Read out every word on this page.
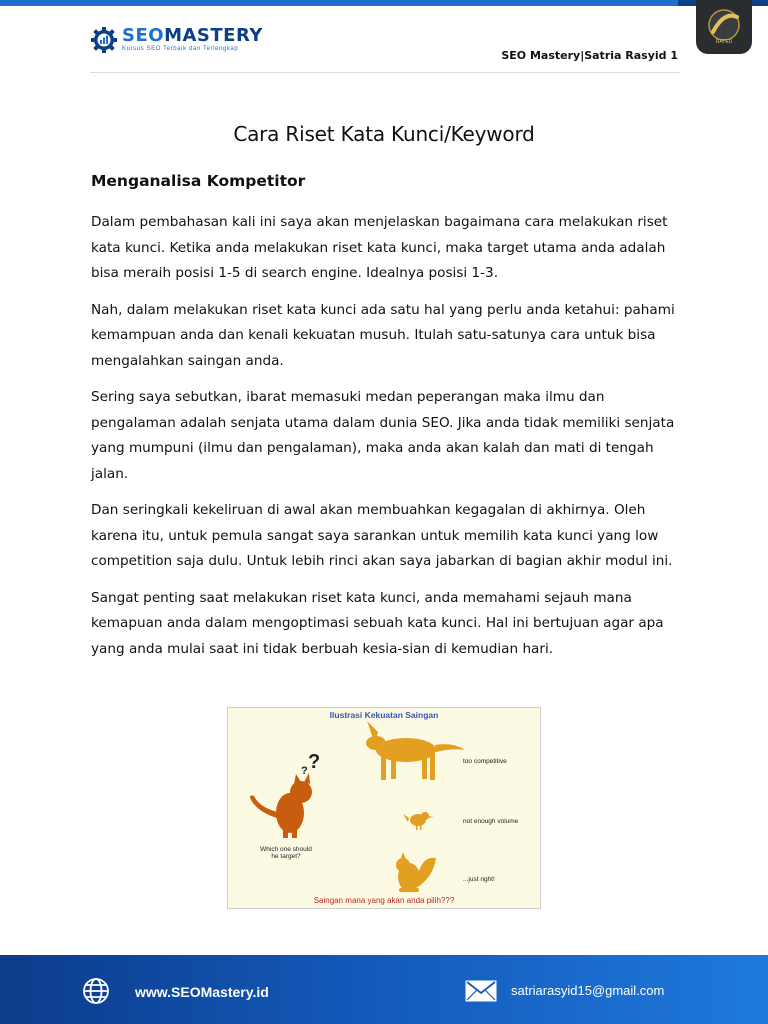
SEOMASTERY
Kursus SEO Terbaik dan Terlengkap
RATED
SEO Mastery|Satria Rasyid 1
Cara Riset Kata Kunci/Keyword
Menganalisa Kompetitor

Dalam pembahasan kali ini saya akan menjelaskan bagaimana cara melakukan riset kata kunci. Ketika anda melakukan riset kata kunci, maka target utama anda adalah bisa meraih posisi 1-5 di search engine. Idealnya posisi 1-3.

Nah, dalam melakukan riset kata kunci ada satu hal yang perlu anda ketahui: pahami kemampuan anda dan kenali kekuatan musuh. Itulah satu-satunya cara untuk bisa mengalahkan saingan anda.

Sering saya sebutkan, ibarat memasuki medan peperangan maka ilmu dan pengalaman adalah senjata utama dalam dunia SEO. Jika anda tidak memiliki senjata yang mumpuni (ilmu dan pengalaman), maka anda akan kalah dan mati di tengah jalan.

Dan seringkali kekeliruan di awal akan membuahkan kegagalan di akhirnya. Oleh karena itu, untuk pemula sangat saya sarankan untuk memilih kata kunci yang low competition saja dulu. Untuk lebih rinci akan saya jabarkan di bagian akhir modul ini.

Sangat penting saat melakukan riset kata kunci, anda memahami sejauh mana kemapuan anda dalam mengoptimasi sebuah kata kunci. Hal ini bertujuan agar apa yang anda mulai saat ini tidak berbuah kesia-sian di kemudian hari.

? ?
Ilustrasi Kekuatan Saingan
too competitive
not enough volume
...just right!
Which one should
he target?
Saingan mana yang akan anda pilih???
www.SEOMastery.id	satriarasyid15@gmail.com
